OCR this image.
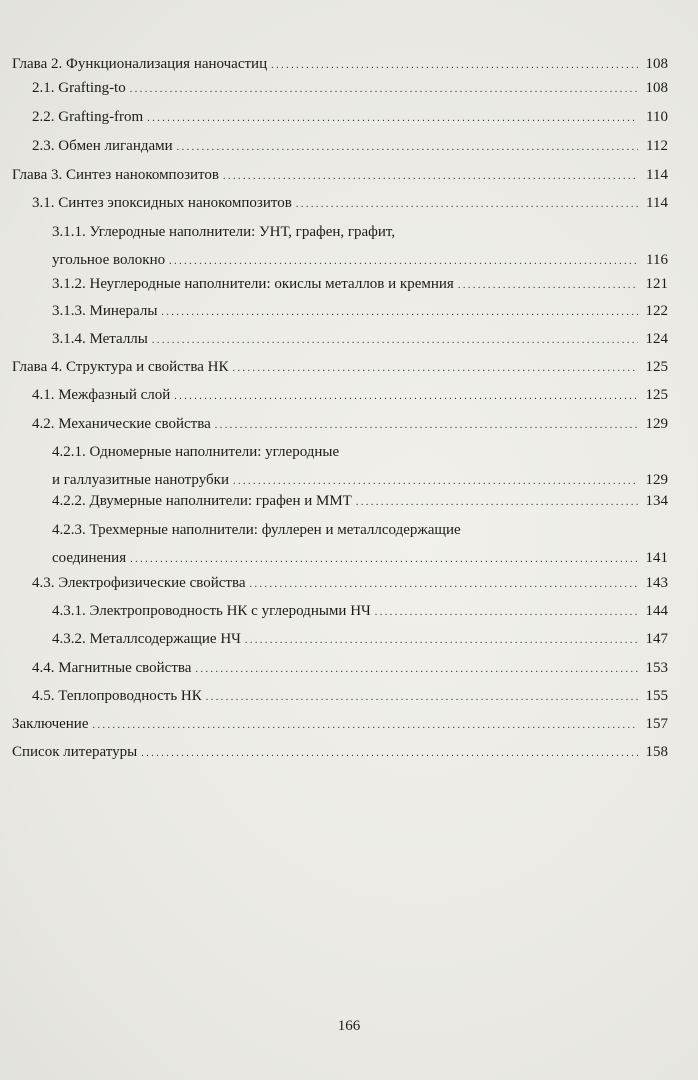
Глава 2. Функционализация наночастиц . . .	108
2.1. Grafting-to . . .	108
2.2. Grafting-from . . .	110
2.3. Обмен лигандами . . .	112
Глава 3. Синтез нанокомпозитов . . .	114
3.1. Синтез эпоксидных нанокомпозитов . . .	114
3.1.1. Углеродные наполнители: УНТ, графен, графит,
угольное волокно . . .	116
3.1.2. Неуглеродные наполнители: окислы металлов и кремния . . .	121
3.1.3. Минералы . . .	122
3.1.4. Металлы . . .	124
Глава 4. Структура и свойства НК . . .	125
4.1. Межфазный слой . . .	125
4.2. Механические свойства . . .	129
4.2.1. Одномерные наполнители: углеродные
и галлуазитные нанотрубки . . .	129
4.2.2. Двумерные наполнители: графен и ММТ . . .	134
4.2.3. Трехмерные наполнители: фуллерен и металлсодержащие
соединения . . .	141
4.3. Электрофизические свойства . . .	143
4.3.1. Электропроводность НК с углеродными НЧ . . .	144
4.3.2. Металлсодержащие НЧ . . .	147
4.4. Магнитные свойства . . .	153
4.5. Теплопроводность НК . . .	155
Заключение . . .	157
Список литературы . . .	158
166
